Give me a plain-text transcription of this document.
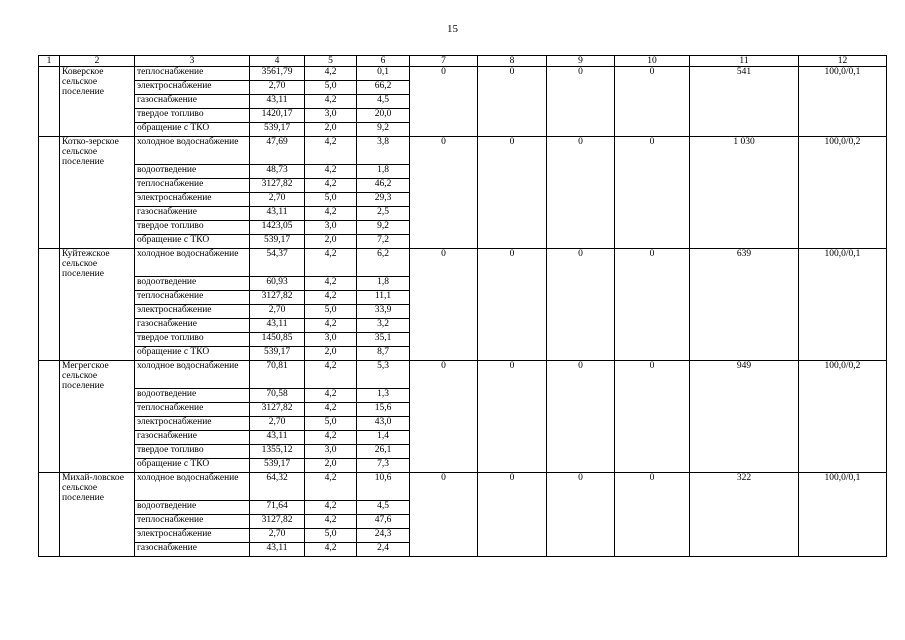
15
1	2	3	4	5	6	7	8	9	10	11	12
	Коверское сельское поселение	теплоснабжение	3561,79	4,2	0,1	0	0	0	0	541	100,0/0,1
		электроснабжение	2,70	5,0	66,2						
		газоснабжение	43,11	4,2	4,5						
		твердое топливо	1420,17	3,0	20,0						
		обращение с ТКО	539,17	2,0	9,2						
	Котко-зерское сельское поселение	холодное водоснабжение	47,69	4,2	3,8	0	0	0	0	1 030	100,0/0,2
		водоотведение	48,73	4,2	1,8						
		теплоснабжение	3127,82	4,2	46,2						
		электроснабжение	2,70	5,0	29,3						
		газоснабжение	43,11	4,2	2,5						
		твердое топливо	1423,05	3,0	9,2						
		обращение с ТКО	539,17	2,0	7,2						
	Куйтежское сельское поселение	холодное водоснабжение	54,37	4,2	6,2	0	0	0	0	639	100,0/0,1
		водоотведение	60,93	4,2	1,8						
		теплоснабжение	3127,82	4,2	11,1						
		электроснабжение	2,70	5,0	33,9						
		газоснабжение	43,11	4,2	3,2						
		твердое топливо	1450,85	3,0	35,1						
		обращение с ТКО	539,17	2,0	8,7						
	Мегрегское сельское поселение	холодное водоснабжение	70,81	4,2	5,3	0	0	0	0	949	100,0/0,2
		водоотведение	70,58	4,2	1,3						
		теплоснабжение	3127,82	4,2	15,6						
		электроснабжение	2,70	5,0	43,0						
		газоснабжение	43,11	4,2	1,4						
		твердое топливо	1355,12	3,0	26,1						
		обращение с ТКО	539,17	2,0	7,3						
	Михай-ловское сельское поселение	холодное водоснабжение	64,32	4,2	10,6	0	0	0	0	322	100,0/0,1
		водоотведение	71,64	4,2	4,5						
		теплоснабжение	3127,82	4,2	47,6						
		электроснабжение	2,70	5,0	24,3						
		газоснабжение	43,11	4,2	2,4						
